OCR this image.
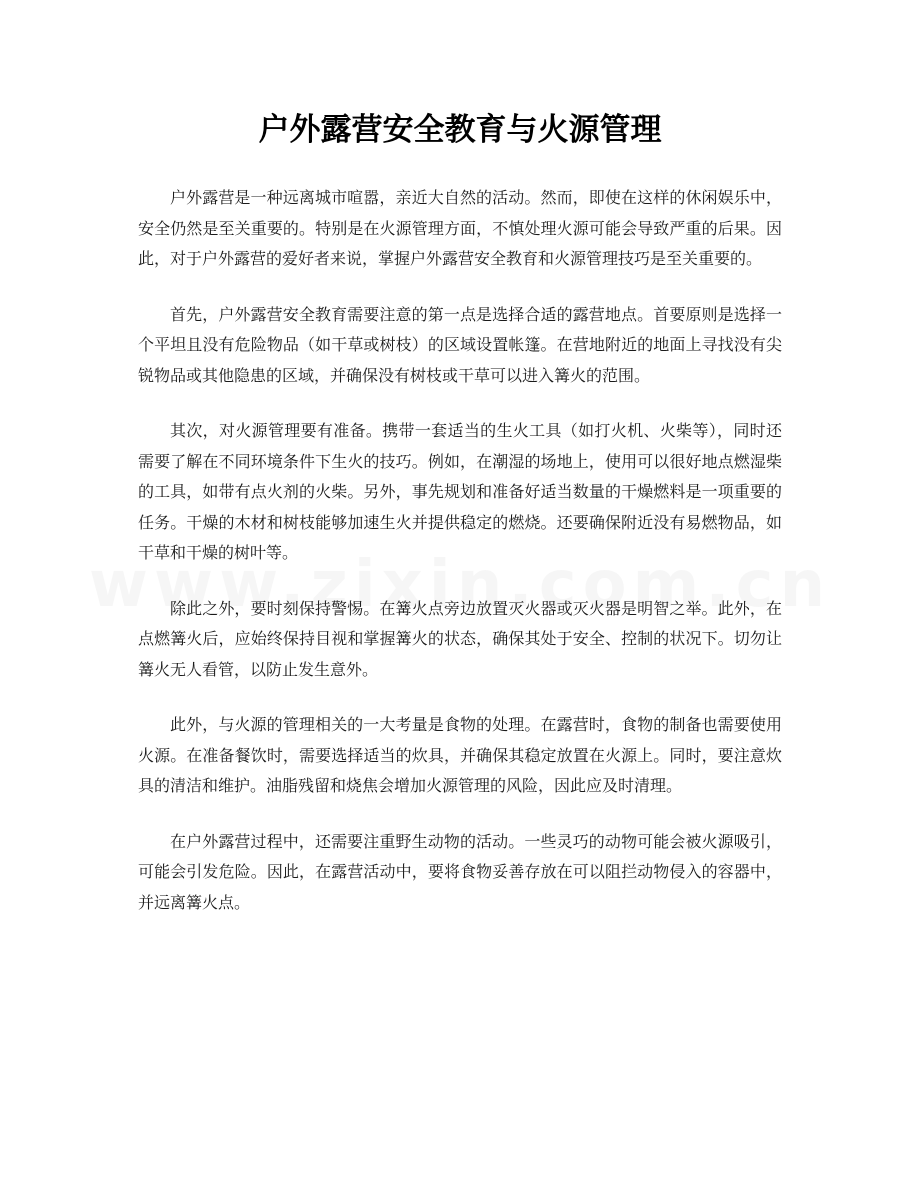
户外露营安全教育与火源管理

户外露营是一种远离城市喧嚣，亲近大自然的活动。然而，即使在这样的休闲娱乐中，安全仍然是至关重要的。特别是在火源管理方面，不慎处理火源可能会导致严重的后果。因此，对于户外露营的爱好者来说，掌握户外露营安全教育和火源管理技巧是至关重要的。

首先，户外露营安全教育需要注意的第一点是选择合适的露营地点。首要原则是选择一个平坦且没有危险物品（如干草或树枝）的区域设置帐篷。在营地附近的地面上寻找没有尖锐物品或其他隐患的区域，并确保没有树枝或干草可以进入篝火的范围。

其次，对火源管理要有准备。携带一套适当的生火工具（如打火机、火柴等），同时还需要了解在不同环境条件下生火的技巧。例如，在潮湿的场地上，使用可以很好地点燃湿柴的工具，如带有点火剂的火柴。另外，事先规划和准备好适当数量的干燥燃料是一项重要的任务。干燥的木材和树枝能够加速生火并提供稳定的燃烧。还要确保附近没有易燃物品，如干草和干燥的树叶等。

除此之外，要时刻保持警惕。在篝火点旁边放置灭火器或灭火器是明智之举。此外，在点燃篝火后，应始终保持目视和掌握篝火的状态，确保其处于安全、控制的状况下。切勿让篝火无人看管，以防止发生意外。

此外，与火源的管理相关的一大考量是食物的处理。在露营时，食物的制备也需要使用火源。在准备餐饮时，需要选择适当的炊具，并确保其稳定放置在火源上。同时，要注意炊具的清洁和维护。油脂残留和烧焦会增加火源管理的风险，因此应及时清理。

在户外露营过程中，还需要注重野生动物的活动。一些灵巧的动物可能会被火源吸引，可能会引发危险。因此，在露营活动中，要将食物妥善存放在可以阻拦动物侵入的容器中，并远离篝火点。
